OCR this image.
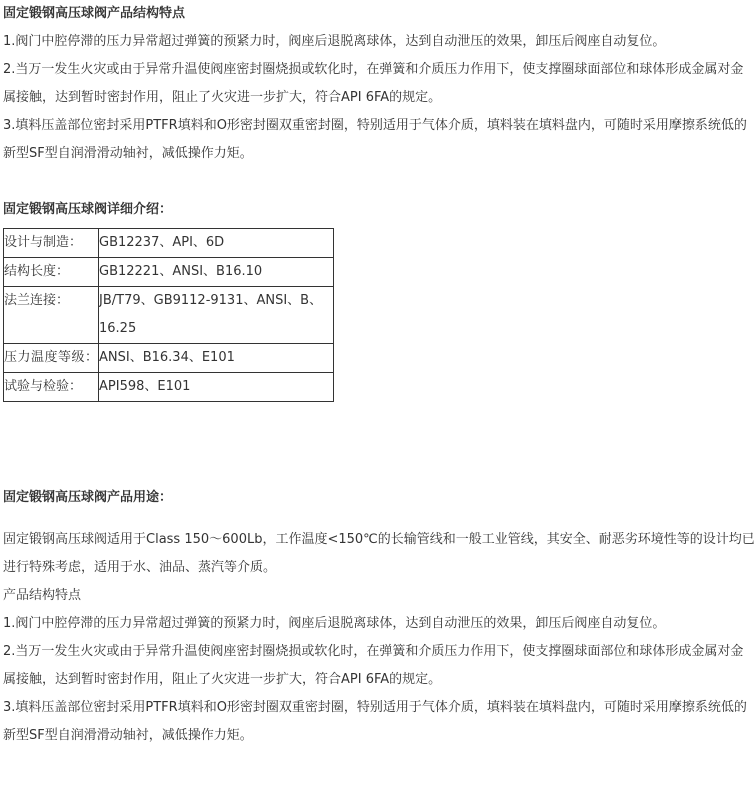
固定锻钢高压球阀产品结构特点

1.阀门中腔停滞的压力异常超过弹簧的预紧力时，阀座后退脱离球体，达到自动泄压的效果，卸压后阀座自动复位。

2.当万一发生火灾或由于异常升温使阀座密封圈烧损或软化时，在弹簧和介质压力作用下，使支撑圈球面部位和球体形成金属对金属接触，达到暂时密封作用，阻止了火灾进一步扩大，符合API 6FA的规定。

3.填料压盖部位密封采用PTFR填料和O形密封圈双重密封圈，特别适用于气体介质，填料装在填料盘内，可随时采用摩擦系统低的新型SF型自润滑滑动轴衬，减低操作力矩。

固定锻钢高压球阀详细介绍：

设计与制造：	GB12237、API、6D
结构长度：	GB12221、ANSI、B16.10
法兰连接：	JB/T79、GB9112-9131、ANSI、B、16.25
压力温度等级：	ANSI、B16.34、E101
试验与检验：	API598、E101

固定锻钢高压球阀产品用途：

固定锻钢高压球阀适用于Class 150～600Lb，工作温度<150℃的长输管线和一般工业管线，其安全、耐恶劣环境性等的设计均已进行特殊考虑，适用于水、油品、蒸汽等介质。

产品结构特点

1.阀门中腔停滞的压力异常超过弹簧的预紧力时，阀座后退脱离球体，达到自动泄压的效果，卸压后阀座自动复位。

2.当万一发生火灾或由于异常升温使阀座密封圈烧损或软化时，在弹簧和介质压力作用下，使支撑圈球面部位和球体形成金属对金属接触，达到暂时密封作用，阻止了火灾进一步扩大，符合API 6FA的规定。

3.填料压盖部位密封采用PTFR填料和O形密封圈双重密封圈，特别适用于气体介质，填料装在填料盘内，可随时采用摩擦系统低的新型SF型自润滑滑动轴衬，减低操作力矩。
